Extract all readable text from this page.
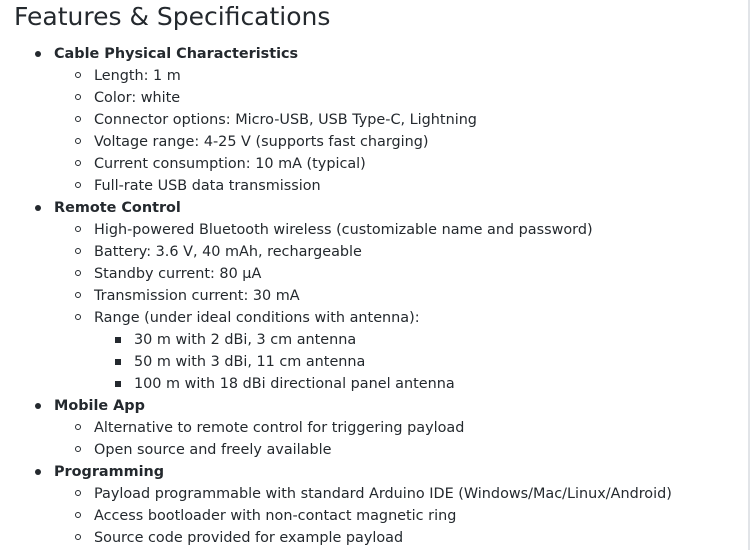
Features & Specifications
Cable Physical Characteristics
Length: 1 m
Color: white
Connector options: Micro-USB, USB Type-C, Lightning
Voltage range: 4-25 V (supports fast charging)
Current consumption: 10 mA (typical)
Full-rate USB data transmission
Remote Control
High-powered Bluetooth wireless (customizable name and password)
Battery: 3.6 V, 40 mAh, rechargeable
Standby current: 80 μA
Transmission current: 30 mA
Range (under ideal conditions with antenna):
30 m with 2 dBi, 3 cm antenna
50 m with 3 dBi, 11 cm antenna
100 m with 18 dBi directional panel antenna
Mobile App
Alternative to remote control for triggering payload
Open source and freely available
Programming
Payload programmable with standard Arduino IDE (Windows/Mac/Linux/Android)
Access bootloader with non-contact magnetic ring
Source code provided for example payload
